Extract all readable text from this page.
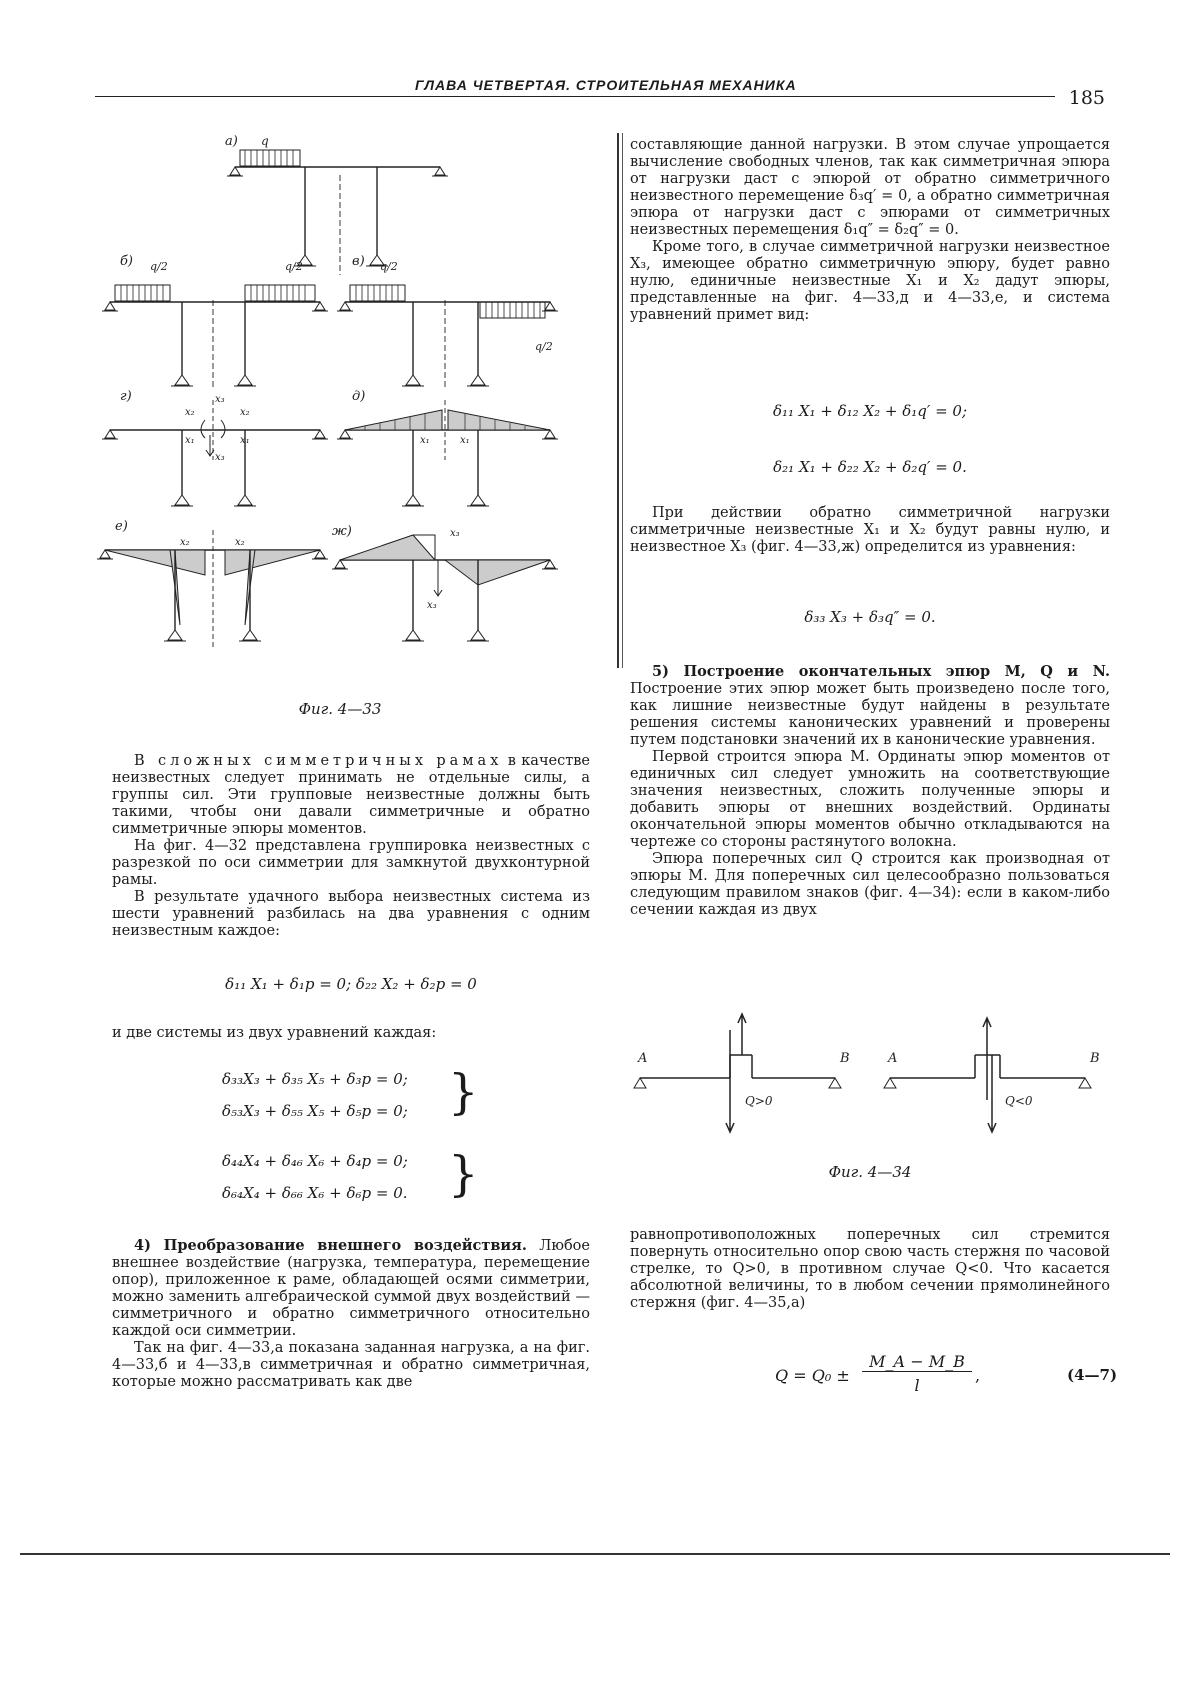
ГЛАВА ЧЕТВЕРТАЯ. СТРОИТЕЛЬНАЯ МЕХАНИКА
185
а) q
б) q/2	q/2	в) q/2
q/2
г)
x₂	x₂
x₁	x₁
x₃
x₃	д)
x₁	x₁
е)
x₂	x₂
ж)
x₃
x₃
Фиг. 4—33

В сложных симметричных рамах в качестве неизвестных следует принимать не отдельные силы, а группы сил. Эти групповые неизвестные должны быть такими, чтобы они давали симметричные и обратно симметричные эпюры моментов.

На фиг. 4—32 представлена группировка неизвестных с разрезкой по оси симметрии для замкнутой двухконтурной рамы.

В результате удачного выбора неизвестных система из шести уравнений разбилась на два уравнения с одним неизвестным каждое:

δ₁₁ X₁ + δ₁p = 0; δ₂₂ X₂ + δ₂p = 0

и две системы из двух уравнений каждая:

δ₃₃X₃ + δ₃₅ X₅ + δ₃p = 0;
δ₅₃X₃ + δ₅₅ X₅ + δ₅p = 0; }
δ₄₄X₄ + δ₄₆ X₆ + δ₄p = 0;
δ₆₄X₄ + δ₆₆ X₆ + δ₆p = 0. }

4) Преобразование внешнего воздействия. Любое внешнее воздействие (нагрузка, температура, перемещение опор), приложенное к раме, обладающей осями симметрии, можно заменить алгебраической суммой двух воздействий — симметричного и обратно симметричного относительно каждой оси симметрии.

Так на фиг. 4—33,а показана заданная нагрузка, а на фиг. 4—33,б и 4—33,в симметричная и обратно симметричная, которые можно рассматривать как две

составляющие данной нагрузки. В этом случае упрощается вычисление свободных членов, так как симметричная эпюра от нагрузки даст с эпюрой от обратно симметричного неизвестного перемещение δ₃q′ = 0, а обратно симметричная эпюра от нагрузки даст с эпюрами от симметричных неизвестных перемещения δ₁q″ = δ₂q″ = 0.

Кроме того, в случае симметричной нагрузки неизвестное X₃, имеющее обратно симметричную эпюру, будет равно нулю, единичные неизвестные X₁ и X₂ дадут эпюры, представленные на фиг. 4—33,д и 4—33,е, и система уравнений примет вид:

δ₁₁ X₁ + δ₁₂ X₂ + δ₁q′ = 0;
δ₂₁ X₁ + δ₂₂ X₂ + δ₂q′ = 0.

При действии обратно симметричной нагрузки симметричные неизвестные X₁ и X₂ будут равны нулю, и неизвестное X₃ (фиг. 4—33,ж) определится из уравнения:

δ₃₃ X₃ + δ₃q″ = 0.

5) Построение окончательных эпюр M, Q и N. Построение этих эпюр может быть произведено после того, как лишние неизвестные будут найдены в результате решения системы канонических уравнений и проверены путем подстановки значений их в канонические уравнения.

Первой строится эпюра M. Ординаты эпюр моментов от единичных сил следует умножить на соответствующие значения неизвестных, сложить полученные эпюры и добавить эпюры от внешних воздействий. Ординаты окончательной эпюры моментов обычно откладываются на чертеже со стороны растянутого волокна.

Эпюра поперечных сил Q строится как производная от эпюры M. Для поперечных сил целесообразно пользоваться следующим правилом знаков (фиг. 4—34): если в каком-либо сечении каждая из двух

A	B
Q>0
A	B
Q<0
Фиг. 4—34

равнопротивоположных поперечных сил стремится повернуть относительно опор свою часть стержня по часовой стрелке, то Q>0, в противном случае Q<0. Что касается абсолютной величины, то в любом сечении прямолинейного стержня (фиг. 4—35,а)

Q = Q₀ ±
M_A − M_B
l
,	(4—7)
